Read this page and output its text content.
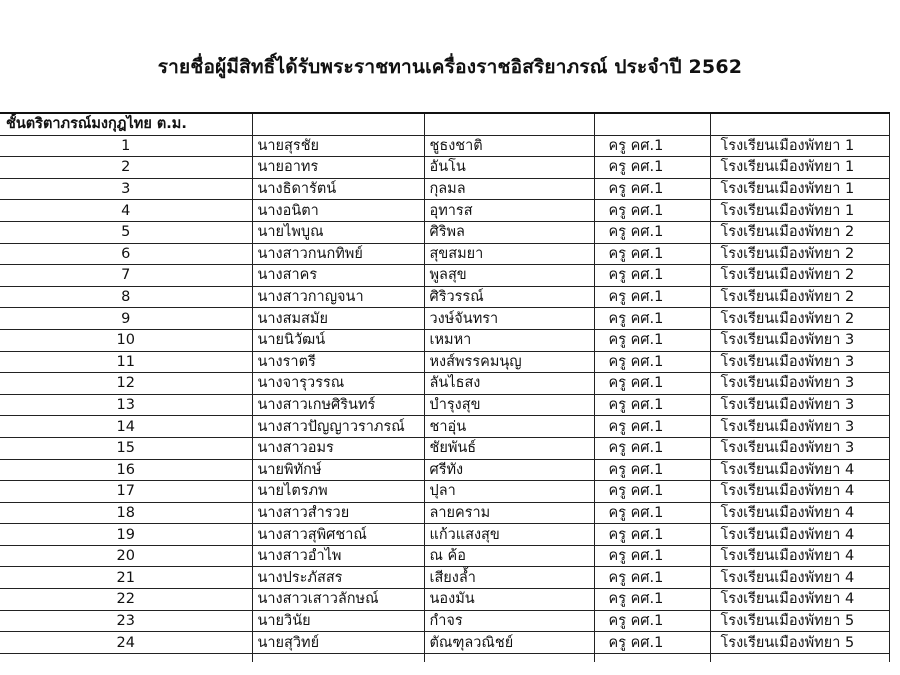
รายชื่อผู้มีสิทธิ์ได้รับพระราชทานเครื่องราชอิสริยาภรณ์ ประจำปี 2562
ชั้นตริตาภรณ์มงกุฎไทย ต.ม.				
1	นายสุรชัย	ชูธงชาติ	ครู คศ.1	โรงเรียนเมืองพัทยา 1
2	นายอาทร	อันโน	ครู คศ.1	โรงเรียนเมืองพัทยา 1
3	นางธิดารัตน์	กุลมล	ครู คศ.1	โรงเรียนเมืองพัทยา 1
4	นางอนิตา	อุทารส	ครู คศ.1	โรงเรียนเมืองพัทยา 1
5	นายไพบูณ	ศิริพล	ครู คศ.1	โรงเรียนเมืองพัทยา 2
6	นางสาวกนกทิพย์	สุขสมยา	ครู คศ.1	โรงเรียนเมืองพัทยา 2
7	นางสาคร	พูลสุข	ครู คศ.1	โรงเรียนเมืองพัทยา 2
8	นางสาวกาญจนา	ศิริวรรณ์	ครู คศ.1	โรงเรียนเมืองพัทยา 2
9	นางสมสมัย	วงษ์จันทรา	ครู คศ.1	โรงเรียนเมืองพัทยา 2
10	นายนิวัฒน์	เหมหา	ครู คศ.1	โรงเรียนเมืองพัทยา 3
11	นางราตรี	หงส์พรรคมนุญ	ครู คศ.1	โรงเรียนเมืองพัทยา 3
12	นางจารุวรรณ	ลันไธสง	ครู คศ.1	โรงเรียนเมืองพัทยา 3
13	นางสาวเกษศิรินทร์	บำรุงสุข	ครู คศ.1	โรงเรียนเมืองพัทยา 3
14	นางสาวปัญญาวราภรณ์	ชาอุ่น	ครู คศ.1	โรงเรียนเมืองพัทยา 3
15	นางสาวอมร	ชัยพันธ์	ครู คศ.1	โรงเรียนเมืองพัทยา 3
16	นายพิทักษ์	ศรีทัง	ครู คศ.1	โรงเรียนเมืองพัทยา 4
17	นายไตรภพ	ปุลา	ครู คศ.1	โรงเรียนเมืองพัทยา 4
18	นางสาวสำรวย	ลายคราม	ครู คศ.1	โรงเรียนเมืองพัทยา 4
19	นางสาวสุพิศชาณ์	แก้วแสงสุข	ครู คศ.1	โรงเรียนเมืองพัทยา 4
20	นางสาวอำไพ	ณ ค้อ	ครู คศ.1	โรงเรียนเมืองพัทยา 4
21	นางประภัสสร	เสียงล้ำ	ครู คศ.1	โรงเรียนเมืองพัทยา 4
22	นางสาวเสาวลักษณ์	นองมัน	ครู คศ.1	โรงเรียนเมืองพัทยา 4
23	นายวินัย	กำจร	ครู คศ.1	โรงเรียนเมืองพัทยา 5
24	นายสุวิทย์	ตัณฑุลวณิชย์	ครู คศ.1	โรงเรียนเมืองพัทยา 5
